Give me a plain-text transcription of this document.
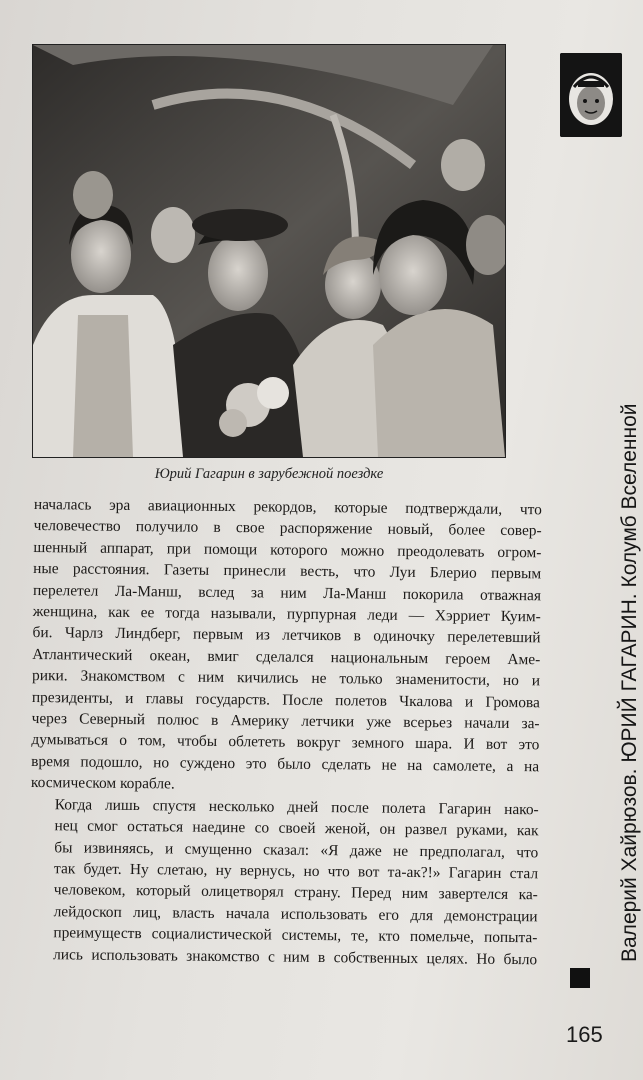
Юрий Гагарин в зарубежной поездке

началась эра авиационных рекордов, которые подтверждали, что
человечество получило в свое распоряжение новый, более совер-
шенный аппарат, при помощи которого можно преодолевать огром-
ные расстояния. Газеты принесли весть, что Луи Блерио первым
перелетел Ла-Манш, вслед за ним Ла-Манш покорила отважная
женщина, как ее тогда называли, пурпурная леди — Хэрриет Куим-
би. Чарлз Линдберг, первым из летчиков в одиночку перелетевший
Атлантический океан, вмиг сделался национальным героем Аме-
рики. Знакомством с ним кичились не только знаменитости, но и
президенты, и главы государств. После полетов Чкалова и Громова
через Северный полюс в Америку летчики уже всерьез начали за-
думываться о том, чтобы облететь вокруг земного шара. И вот это
время подошло, но суждено это было сделать не на самолете, а на
космическом корабле.

Когда лишь спустя несколько дней после полета Гагарин нако-
нец смог остаться наедине со своей женой, он развел руками, как
бы извиняясь, и смущенно сказал: «Я даже не предполагал, что
так будет. Ну слетаю, ну вернусь, но что вот та-ак?!» Гагарин стал
человеком, который олицетворял страну. Перед ним завертелся ка-
лейдоскоп лиц, власть начала использовать его для демонстрации
преимуществ социалистической системы, те, кто помельче, попыта-
лись использовать знакомство с ним в собственных целях. Но было	Валерий Хайрюзов. ЮРИЙ ГАГАРИН. Колумб Вселенной
165
